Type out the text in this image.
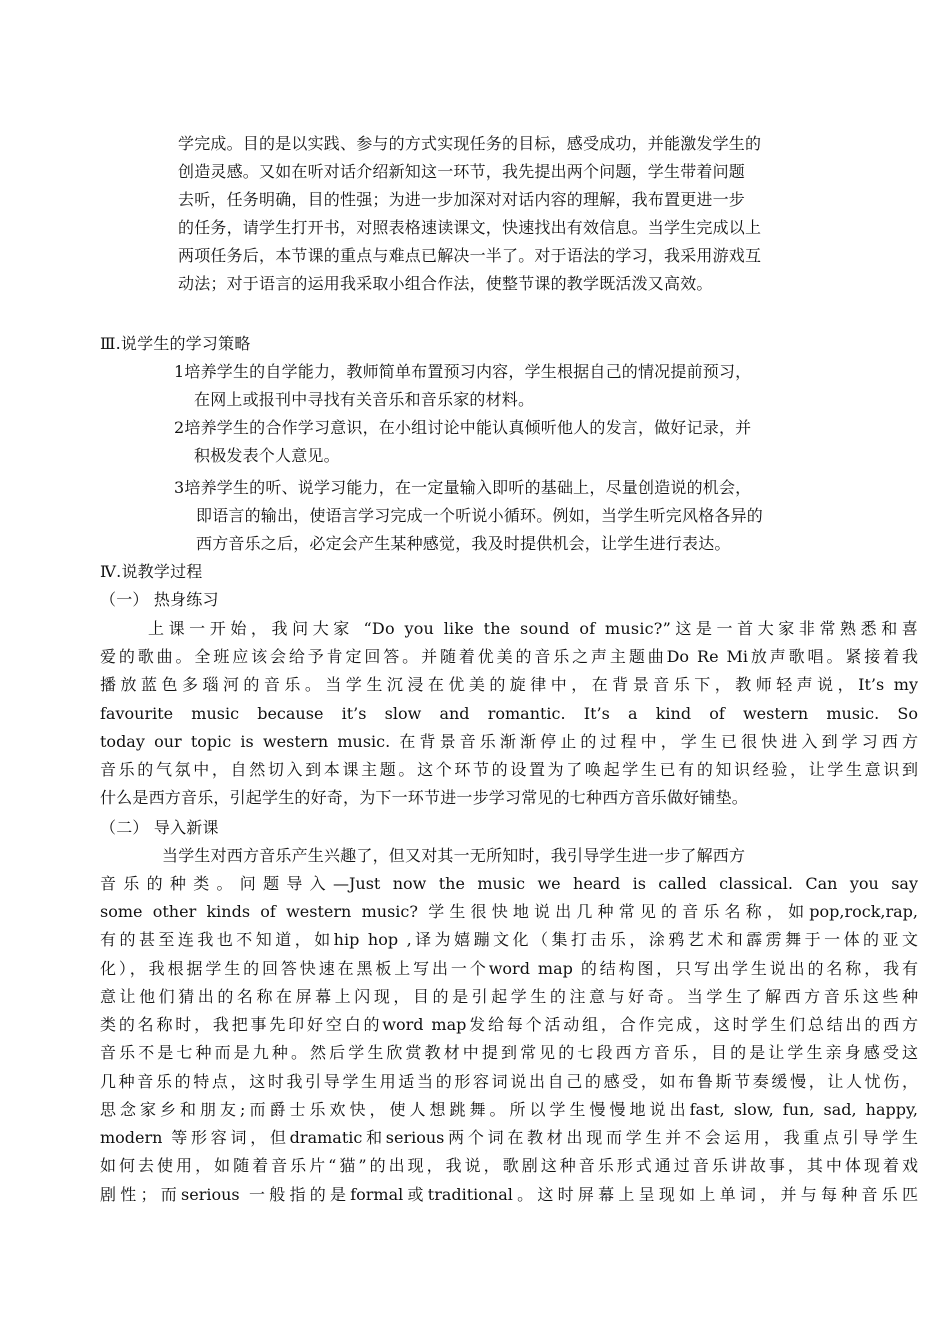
学完成。目的是以实践、参与的方式实现任务的目标，感受成功，并能激发学生的
创造灵感。又如在听对话介绍新知这一环节，我先提出两个问题，学生带着问题
去听，任务明确，目的性强；为进一步加深对对话内容的理解，我布置更进一步
的任务，请学生打开书，对照表格速读课文，快速找出有效信息。当学生完成以上
两项任务后，本节课的重点与难点已解决一半了。对于语法的学习，我采用游戏互
动法；对于语言的运用我采取小组合作法，使整节课的教学既活泼又高效。
Ⅲ.说学生的学习策略
1培养学生的自学能力，教师简单布置预习内容，学生根据自己的情况提前预习，
在网上或报刊中寻找有关音乐和音乐家的材料。
2培养学生的合作学习意识，在小组讨论中能认真倾听他人的发言，做好记录，并
积极发表个人意见。
3培养学生的听、说学习能力，在一定量输入即听的基础上，尽量创造说的机会，
即语言的输出，使语言学习完成一个听说小循环。例如，当学生听完风格各异的
西方音乐之后，必定会产生某种感觉，我及时提供机会，让学生进行表达。
Ⅳ.说教学过程
（一） 热身练习
上课一开始，我问大家 “Do you like the sound of music?”这是一首大家非常熟悉和喜
爱的歌曲。全班应该会给予肯定回答。并随着优美的音乐之声主题曲Do Re Mi放声歌唱。紧接着我
播放蓝色多瑙河的音乐。当学生沉浸在优美的旋律中，在背景音乐下，教师轻声说，It’s my
favourite music because it’s slow and romantic. It’s a kind of western music. So
today our topic is western music. 在背景音乐渐渐停止的过程中，学生已很快进入到学习西方
音乐的气氛中，自然切入到本课主题。这个环节的设置为了唤起学生已有的知识经验，让学生意识到
什么是西方音乐，引起学生的好奇，为下一环节进一步学习常见的七种西方音乐做好铺垫。
（二） 导入新课
当学生对西方音乐产生兴趣了，但又对其一无所知时，我引导学生进一步了解西方
音乐的种类。问题导入—Just now the music we heard is called classical. Can you say
some other kinds of western music? 学生很快地说出几种常见的音乐名称，如pop,rock,rap,
有的甚至连我也不知道，如hip hop ,译为嬉蹦文化（集打击乐，涂鸦艺术和霹雳舞于一体的亚文
化），我根据学生的回答快速在黑板上写出一个word map 的结构图，只写出学生说出的名称，我有
意让他们猜出的名称在屏幕上闪现，目的是引起学生的注意与好奇。当学生了解西方音乐这些种
类的名称时，我把事先印好空白的word map发给每个活动组，合作完成，这时学生们总结出的西方
音乐不是七种而是九种。然后学生欣赏教材中提到常见的七段西方音乐，目的是让学生亲身感受这
几种音乐的特点，这时我引导学生用适当的形容词说出自己的感受，如布鲁斯节奏缓慢，让人忧伤，
思念家乡和朋友;而爵士乐欢快，使人想跳舞。所以学生慢慢地说出fast, slow, fun, sad, happy,
modern 等形容词，但dramatic和serious两个词在教材出现而学生并不会运用，我重点引导学生
如何去使用，如随着音乐片“猫”的出现，我说，歌剧这种音乐形式通过音乐讲故事，其中体现着戏
剧性；而serious 一般指的是formal或traditional。这时屏幕上呈现如上单词，并与每种音乐匹
